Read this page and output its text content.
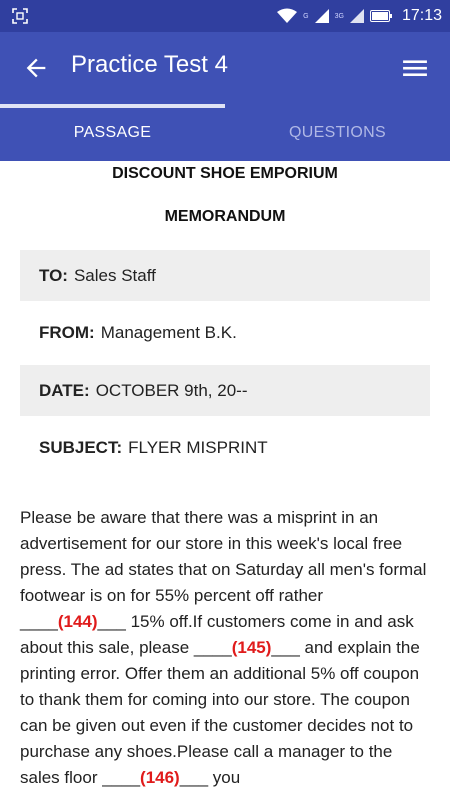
G	3G	17:13
Practice Test 4
PASSAGE	QUESTIONS
DISCOUNT SHOE EMPORIUM
MEMORANDUM
TO: Sales Staff
FROM: Management B.K.
DATE: OCTOBER 9th, 20--
SUBJECT: FLYER MISPRINT
Please be aware that there was a misprint in an advertisement for our store in this week's local free press. The ad states that on Saturday all men's formal footwear is on for 55% percent off rather ____(144)___ 15% off.If customers come in and ask about this sale, please ____(145)___ and explain the printing error. Offer them an additional 5% off coupon to thank them for coming into our store. The coupon can be given out even if the customer decides not to purchase any shoes.Please call a manager to the sales floor ____(146)___ you
